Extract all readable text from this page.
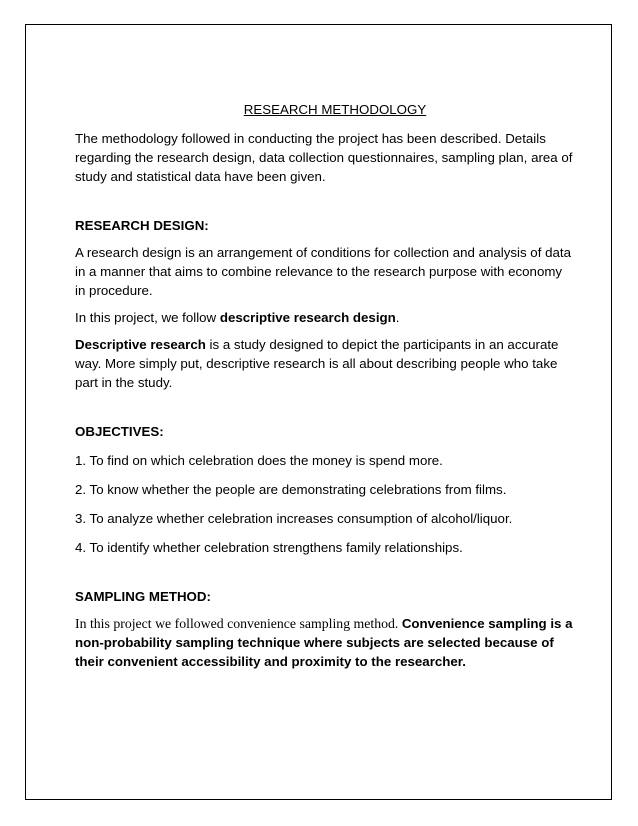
RESEARCH METHODOLOGY

The methodology followed in conducting the project has been described. Details regarding the research design, data collection questionnaires, sampling plan, area of study and statistical data have been given.

RESEARCH DESIGN:

A research design is an arrangement of conditions for collection and analysis of data in a manner that aims to combine relevance to the research purpose with economy in procedure.

In this project, we follow descriptive research design.

Descriptive research is a study designed to depict the participants in an accurate way. More simply put, descriptive research is all about describing people who take part in the study.

OBJECTIVES:

1. To find on which celebration does the money is spend more.

2. To know whether the people are demonstrating celebrations from films.

3. To analyze whether celebration increases consumption of alcohol/liquor.

4. To identify whether celebration strengthens family relationships.

SAMPLING METHOD:

In this project we followed convenience sampling method. Convenience sampling is a non-probability sampling technique where subjects are selected because of their convenient accessibility and proximity to the researcher.
